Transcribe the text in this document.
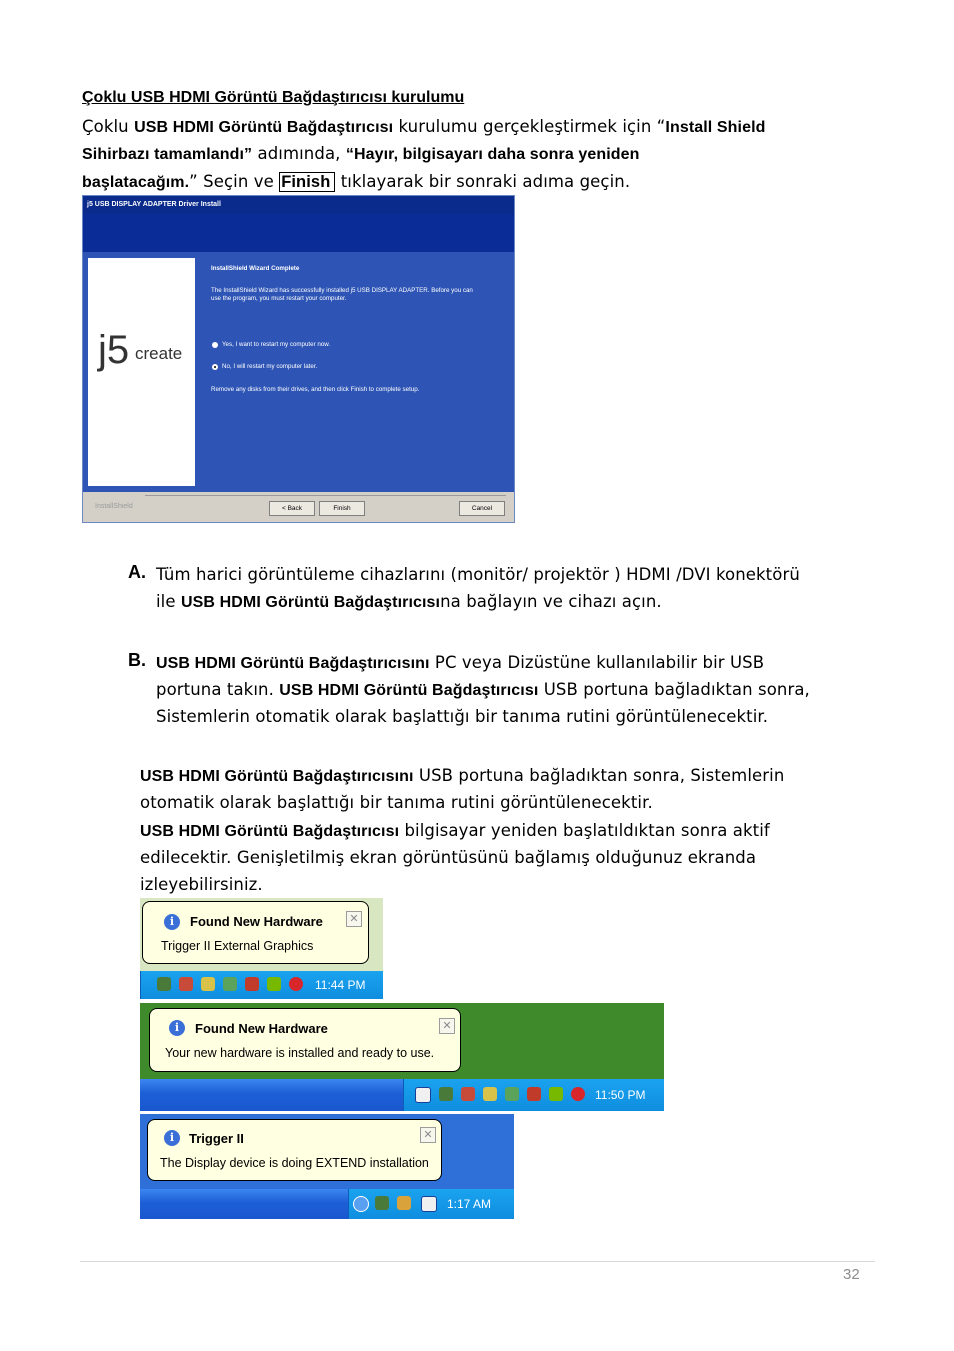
Çoklu USB HDMI Görüntü Bağdaştırıcısı kurulumu
Çoklu USB HDMI Görüntü Bağdaştırıcısı kurulumu gerçekleştirmek için “Install Shield
Sihirbazı tamamlandı” adımında, “Hayır, bilgisayarı daha sonra yeniden
başlatacağım.” Seçin ve Finish tıklayarak bir sonraki adıma geçin.
j5 USB DISPLAY ADAPTER Driver Install
j5 create
InstallShield Wizard Complete
The InstallShield Wizard has successfully installed j5 USB DISPLAY ADAPTER. Before you can
use the program, you must restart your computer.
Yes, I want to restart my computer now.
No, I will restart my computer later.
Remove any disks from their drives, and then click Finish to complete setup.
InstallShield	< Back	Finish	Cancel
A. Tüm harici görüntüleme cihazlarını (monitör/ projektör ) HDMI /DVI konektörü
ile USB HDMI Görüntü Bağdaştırıcısına bağlayın ve cihazı açın.
B. USB HDMI Görüntü Bağdaştırıcısını PC veya Dizüstüne kullanılabilir bir USB
portuna takın. USB HDMI Görüntü Bağdaştırıcısı USB portuna bağladıktan sonra,
Sistemlerin otomatik olarak başlattığı bir tanıma rutini görüntülenecektir.
USB HDMI Görüntü Bağdaştırıcısını USB portuna bağladıktan sonra, Sistemlerin
otomatik olarak başlattığı bir tanıma rutini görüntülenecektir.
USB HDMI Görüntü Bağdaştırıcısı bilgisayar yeniden başlatıldıktan sonra aktif
edilecektir. Genişletilmiş ekran görüntüsünü bağlamış olduğunuz ekranda
izleyebilirsiniz.
i	Found New Hardware
Trigger II External Graphics
✕
11:44 PM
i	Found New Hardware
Your new hardware is installed and ready to use.
✕
11:50 PM
i	Trigger II
The Display device is doing EXTEND installation
✕
1:17 AM
32
